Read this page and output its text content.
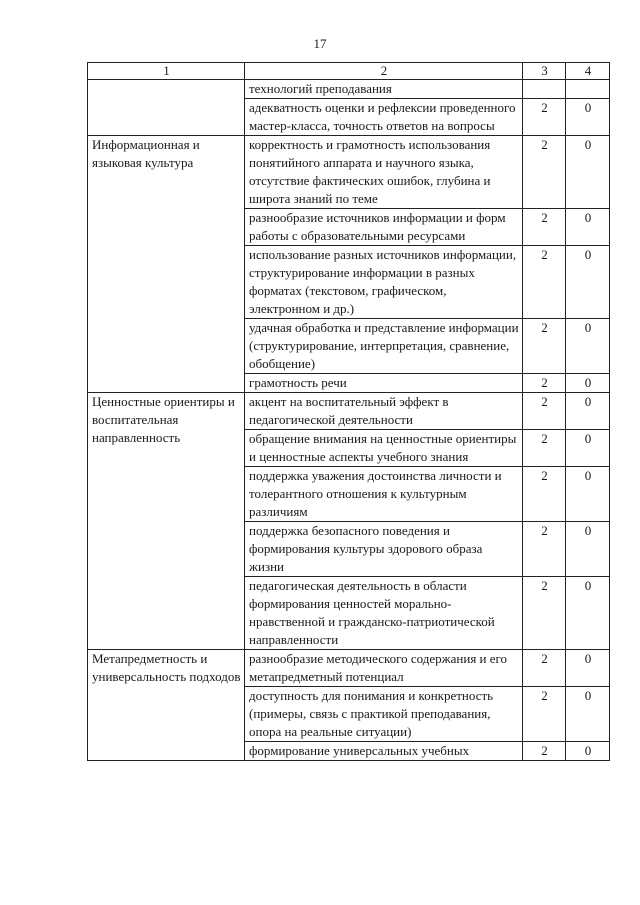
17
1	2	3	4
	технологий преподавания		
	адекватность оценки и рефлексии проведенного мастер-класса, точность ответов на вопросы	2	0
Информационная и языковая культура	корректность и грамотность использования понятийного аппарата и научного языка, отсутствие фактических ошибок, глубина и широта знаний по теме	2	0
	разнообразие источников информации и форм работы с образовательными ресурсами	2	0
	использование разных источников информации, структурирование информации в разных форматах (текстовом, графическом, электронном и др.)	2	0
	удачная обработка и представление информации (структурирование, интерпретация, сравнение, обобщение)	2	0
	грамотность речи	2	0
Ценностные ориентиры и воспитательная направленность	акцент на воспитательный эффект в педагогической деятельности	2	0
	обращение внимания на ценностные ориентиры и ценностные аспекты учебного знания	2	0
	поддержка уважения достоинства личности и толерантного отношения к культурным различиям	2	0
	поддержка безопасного поведения и формирования культуры здорового образа жизни	2	0
	педагогическая деятельность в области формирования ценностей морально-нравственной и гражданско-патриотической направленности	2	0
Метапредметность и универсальность подходов	разнообразие методического содержания и его метапредметный потенциал	2	0
	доступность для понимания и конкретность (примеры, связь с практикой преподавания, опора на реальные ситуации)	2	0
	формирование универсальных учебных	2	0
